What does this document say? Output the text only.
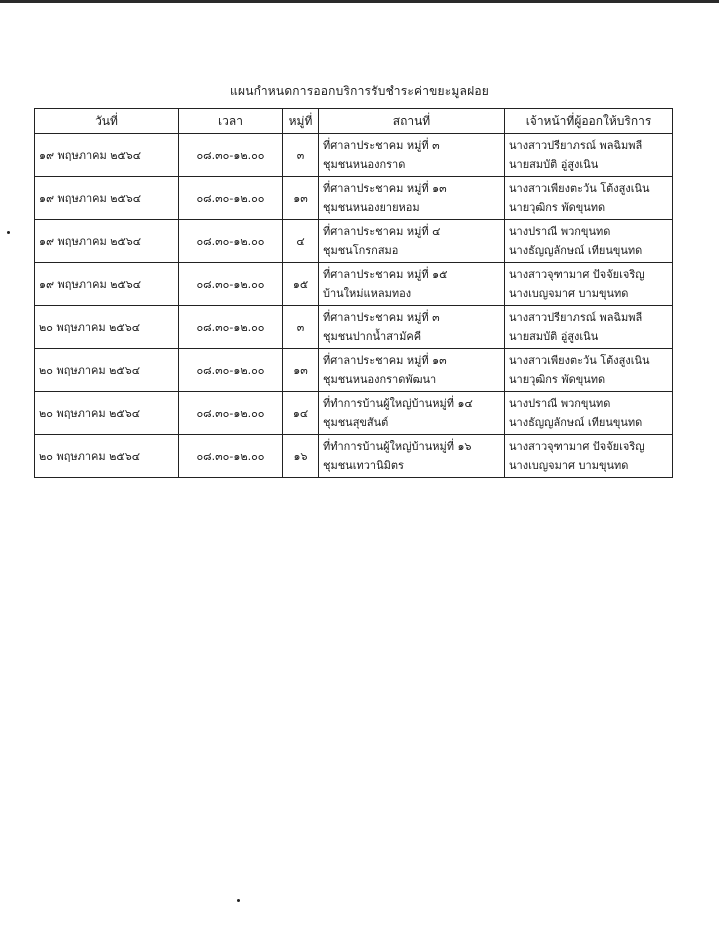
แผนกำหนดการออกบริการรับชำระค่าขยะมูลฝอย
วันที่	เวลา	หมู่ที่	สถานที่	เจ้าหน้าที่ผู้ออกให้บริการ
๑๙ พฤษภาคม ๒๕๖๔	๐๘.๓๐-๑๒.๐๐	๓	ที่ศาลาประชาคม หมู่ที่ ๓
ชุมชนหนองกราด	นางสาวปรียาภรณ์ พลฉิมพลี
นายสมบัติ อู่สูงเนิน

๑๙ พฤษภาคม ๒๕๖๔	๐๘.๓๐-๑๒.๐๐	๑๓	ที่ศาลาประชาคม หมู่ที่ ๑๓
ชุมชนหนองยายหอม	นางสาวเพียงตะวัน โต้งสูงเนิน
นายวุฒิกร พัดขุนทด

๑๙ พฤษภาคม ๒๕๖๔	๐๘.๓๐-๑๒.๐๐	๔	ที่ศาลาประชาคม หมู่ที่ ๔
ชุมชนโกรกสมอ	นางปราณี พวกขุนทด
นางธัญญลักษณ์ เทียนขุนทด

๑๙ พฤษภาคม ๒๕๖๔	๐๘.๓๐-๑๒.๐๐	๑๕	ที่ศาลาประชาคม หมู่ที่ ๑๕
บ้านใหม่แหลมทอง	นางสาวจุฑามาศ ปัจจัยเจริญ
นางเบญจมาศ บามขุนทด

๒๐ พฤษภาคม ๒๕๖๔	๐๘.๓๐-๑๒.๐๐	๓	ที่ศาลาประชาคม หมู่ที่ ๓
ชุมชนปากน้ำสามัคคี	นางสาวปรียาภรณ์ พลฉิมพลี
นายสมบัติ อู่สูงเนิน

๒๐ พฤษภาคม ๒๕๖๔	๐๘.๓๐-๑๒.๐๐	๑๓	ที่ศาลาประชาคม หมู่ที่ ๑๓
ชุมชนหนองกราดพัฒนา	นางสาวเพียงตะวัน โต้งสูงเนิน
นายวุฒิกร พัดขุนทด

๒๐ พฤษภาคม ๒๕๖๔	๐๘.๓๐-๑๒.๐๐	๑๔	ที่ทำการบ้านผู้ใหญ่บ้านหมู่ที่ ๑๔
ชุมชนสุขสันต์	นางปราณี พวกขุนทด
นางธัญญลักษณ์ เทียนขุนทด

๒๐ พฤษภาคม ๒๕๖๔	๐๘.๓๐-๑๒.๐๐	๑๖	ที่ทำการบ้านผู้ใหญ่บ้านหมู่ที่ ๑๖
ชุมชนเทวานิมิตร	นางสาวจุฑามาศ ปัจจัยเจริญ
นางเบญจมาศ บามขุนทด
